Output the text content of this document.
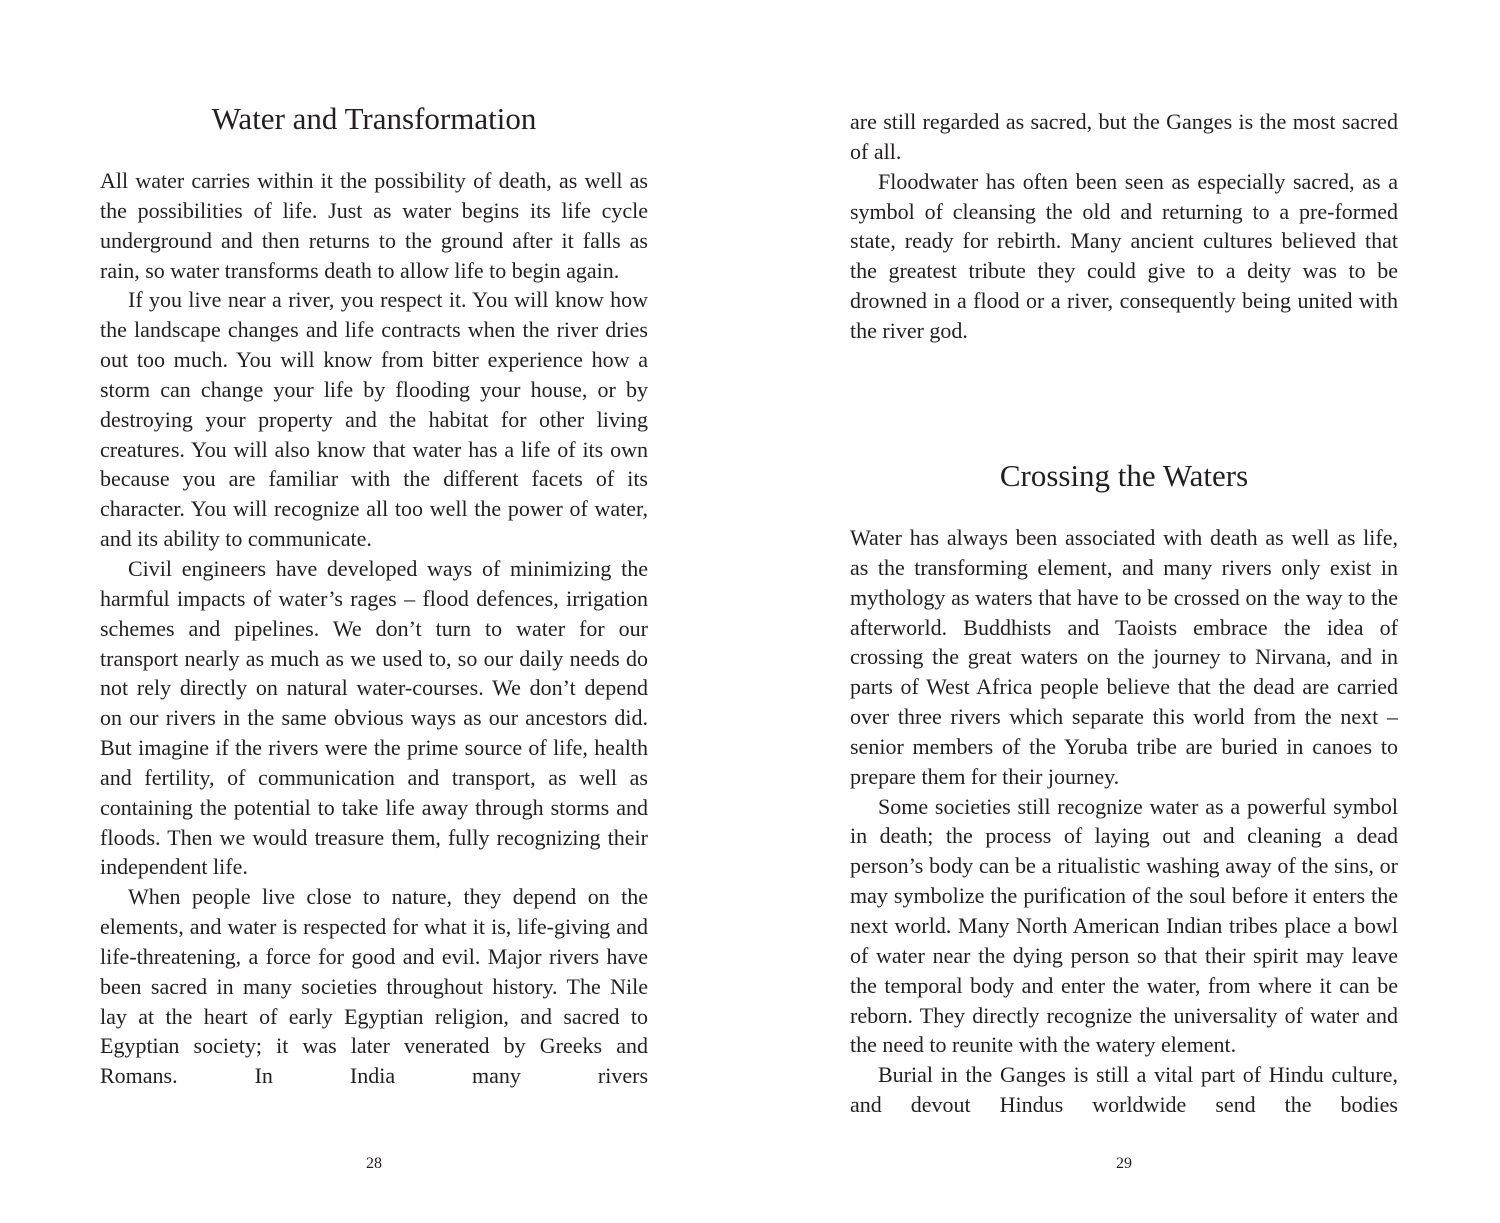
Water and Transformation

All water carries within it the possibility of death, as well as the possibilities of life. Just as water begins its life cycle underground and then returns to the ground after it falls as rain, so water transforms death to allow life to begin again.

If you live near a river, you respect it. You will know how the landscape changes and life contracts when the river dries out too much. You will know from bitter experience how a storm can change your life by flooding your house, or by destroying your property and the habitat for other living creatures. You will also know that water has a life of its own because you are familiar with the different facets of its character. You will recognize all too well the power of water, and its ability to communicate.

Civil engineers have developed ways of minimizing the harmful impacts of water’s rages – flood defences, irrigation schemes and pipelines. We don’t turn to water for our transport nearly as much as we used to, so our daily needs do not rely directly on natural water-courses. We don’t depend on our rivers in the same obvious ways as our ancestors did. But imagine if the rivers were the prime source of life, health and fertility, of communication and transport, as well as containing the potential to take life away through storms and floods. Then we would treasure them, fully recognizing their independent life.

When people live close to nature, they depend on the elements, and water is respected for what it is, life-giving and life-threatening, a force for good and evil. Major rivers have been sacred in many societies throughout history. The Nile lay at the heart of early Egyptian religion, and sacred to Egyptian society; it was later venerated by Greeks and Romans. In India many rivers

28

are still regarded as sacred, but the Ganges is the most sacred of all.

Floodwater has often been seen as especially sacred, as a symbol of cleansing the old and returning to a pre-formed state, ready for rebirth. Many ancient cultures believed that the greatest tribute they could give to a deity was to be drowned in a flood or a river, consequently being united with the river god.

Crossing the Waters

Water has always been associated with death as well as life, as the transforming element, and many rivers only exist in mythology as waters that have to be crossed on the way to the afterworld. Buddhists and Taoists embrace the idea of crossing the great waters on the journey to Nirvana, and in parts of West Africa people believe that the dead are carried over three rivers which separate this world from the next – senior members of the Yoruba tribe are buried in canoes to prepare them for their journey.

Some societies still recognize water as a powerful symbol in death; the process of laying out and cleaning a dead person’s body can be a ritualistic washing away of the sins, or may symbolize the purification of the soul before it enters the next world. Many North American Indian tribes place a bowl of water near the dying person so that their spirit may leave the temporal body and enter the water, from where it can be reborn. They directly recognize the universality of water and the need to reunite with the watery element.

Burial in the Ganges is still a vital part of Hindu culture, and devout Hindus worldwide send the bodies

29
